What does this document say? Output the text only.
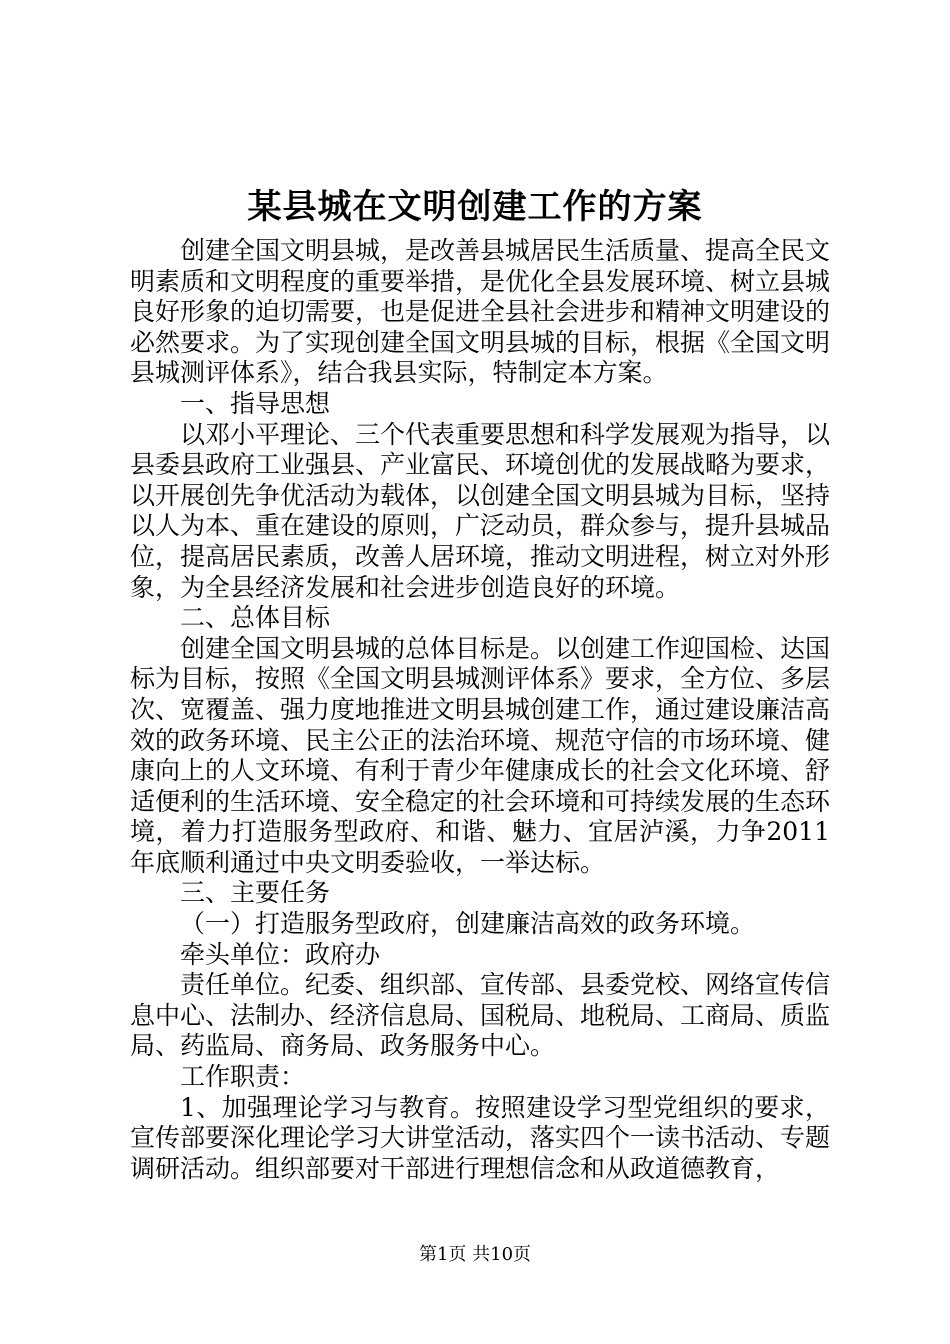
某县城在文明创建工作的方案

创建全国文明县城，是改善县城居民生活质量、提高全民文明素质和文明程度的重要举措，是优化全县发展环境、树立县城良好形象的迫切需要，也是促进全县社会进步和精神文明建设的必然要求。为了实现创建全国文明县城的目标，根据《全国文明县城测评体系》，结合我县实际，特制定本方案。

一、指导思想

以邓小平理论、三个代表重要思想和科学发展观为指导，以县委县政府工业强县、产业富民、环境创优的发展战略为要求，以开展创先争优活动为载体，以创建全国文明县城为目标，坚持以人为本、重在建设的原则，广泛动员，群众参与，提升县城品位，提高居民素质，改善人居环境，推动文明进程，树立对外形象，为全县经济发展和社会进步创造良好的环境。

二、总体目标

创建全国文明县城的总体目标是。以创建工作迎国检、达国标为目标，按照《全国文明县城测评体系》要求，全方位、多层次、宽覆盖、强力度地推进文明县城创建工作，通过建设廉洁高效的政务环境、民主公正的法治环境、规范守信的市场环境、健康向上的人文环境、有利于青少年健康成长的社会文化环境、舒适便利的生活环境、安全稳定的社会环境和可持续发展的生态环境，着力打造服务型政府、和谐、魅力、宜居泸溪，力争2011年底顺利通过中央文明委验收，一举达标。

三、主要任务

（一）打造服务型政府，创建廉洁高效的政务环境。

牵头单位：政府办

责任单位。纪委、组织部、宣传部、县委党校、网络宣传信息中心、法制办、经济信息局、国税局、地税局、工商局、质监局、药监局、商务局、政务服务中心。

工作职责：

1、加强理论学习与教育。按照建设学习型党组织的要求，宣传部要深化理论学习大讲堂活动，落实四个一读书活动、专题调研活动。组织部要对干部进行理想信念和从政道德教育，

第1页 共10页
